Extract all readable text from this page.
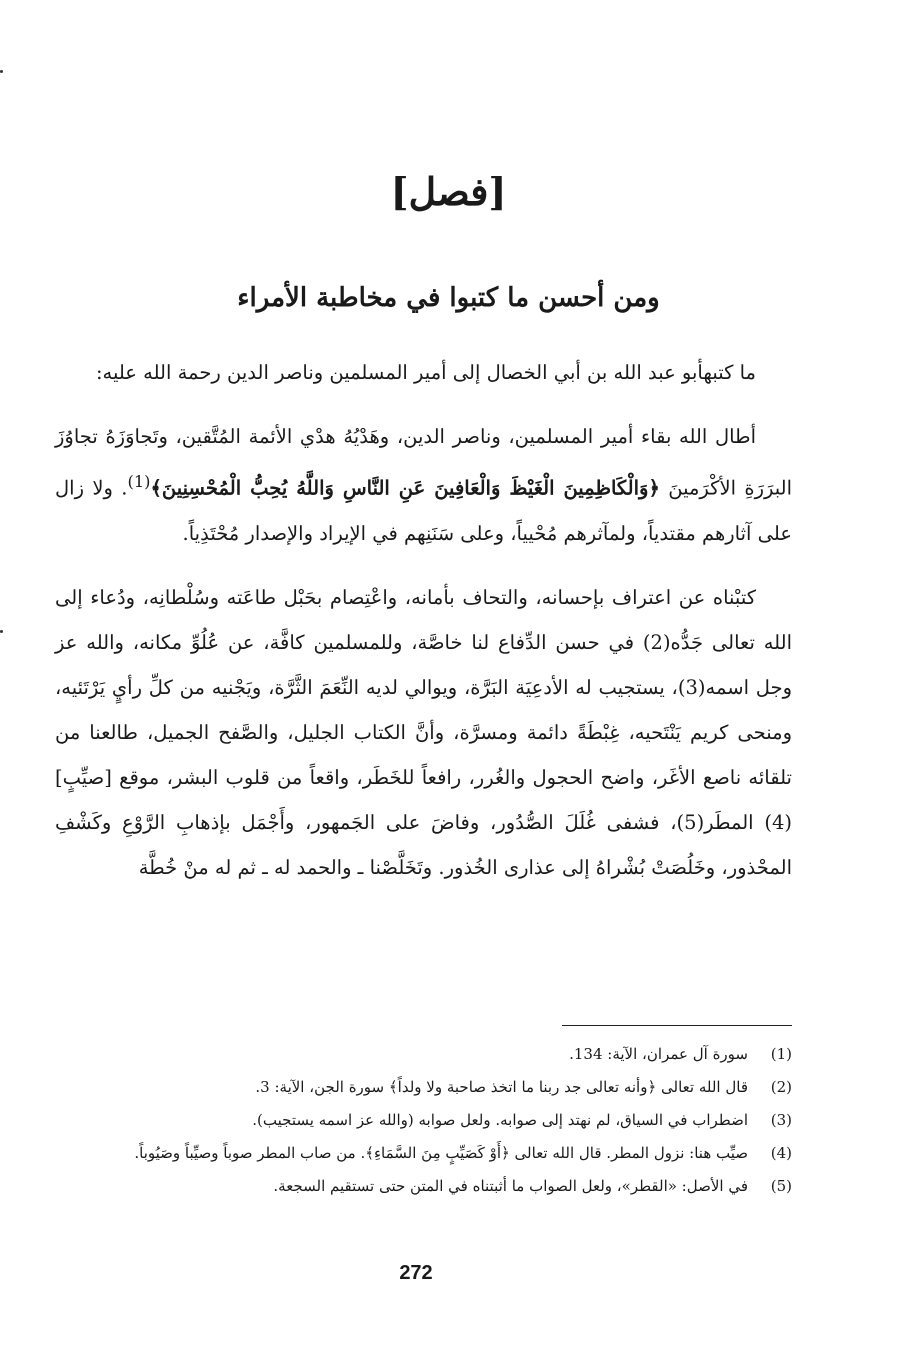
[فصل]
ومن أحسن ما كتبوا في مخاطبة الأمراء

ما كتبهأبو عبد الله بن أبي الخصال إلى أمير المسلمين وناصر الدين رحمة الله عليه:

أطال الله بقاء أمير المسلمين، وناصر الدين، وهَدْيُهُ هدْي الأئمة المُتَّقين، وتَجاوَزَهُ تجاوُزَ البرَرَةِ الأكْرَمينَ ﴿وَالْكَاظِمِينَ الْغَيْظَ وَالْعَافِينَ عَنِ النَّاسِ وَاللَّهُ يُحِبُّ الْمُحْسِنِينَ﴾$^{(1)}$. ولا زال على آثارهم مقتدياً، ولمآثرهم مُحْيياً، وعلى سَنَنِهم في الإيراد والإصدار مُحْتَذِياً.

كتبْناه عن اعتراف بإحسانه، والتحاف بأمانه، واعْتِصام بحَبْل طاعَته وسُلْطانِه، ودُعاء إلى الله تعالى جَدُّه(2) في حسن الدِّفاع لنا خاصَّة، وللمسلمين كافَّة، عن عُلُوِّ مكانه، والله عز وجل اسمه(3)، يستجيب له الأدعِيَة البَرَّة، ويوالي لديه النِّعَمَ الثَّرَّة، ويَجْنيه من كلِّ رأيٍ يَرْتَئيه، ومنحى كريم يَنْتَحيه، غِبْطَةً دائمة ومسرَّة، وأنَّ الكتاب الجليل، والصَّفح الجميل، طالعنا من تلقائه ناصع الأغَر، واضح الحجول والغُرر، رافعاً للخَطَر، واقعاً من قلوب البشر، موقع [صيِّبٍ](4) المطَر(5)، فشفى غُلَلَ الصُّدُور، وفاضَ على الجَمهور، وأَجْمَل بإذهابِ الرَّوْعِ وكَشْفِ المحْذور، وخَلُصَتْ بُشْراهُ إلى عذارى الخُذور. وتَخَلَّصْنا ـ والحمد له ـ ثم له منْ خُطَّة

(1)
سورة آل عمران، الآية: 134.
(2)
قال الله تعالى ﴿وأنه تعالى جد ربنا ما اتخذ صاحبة ولا ولداً﴾ سورة الجن، الآية: 3.
(3)
اضطراب في السياق، لم نهتد إلى صوابه. ولعل صوابه (والله عز اسمه يستجيب).
(4)
صيِّب هنا: نزول المطر. قال الله تعالى ﴿أَوْ كَصَيِّبٍ مِنَ السَّمَاءِ﴾. من صاب المطر صوباً وصيِّباً وصَيُوباً.
(5)
في الأصل: «القطر»، ولعل الصواب ما أثبتناه في المتن حتى تستقيم السجعة.
272
